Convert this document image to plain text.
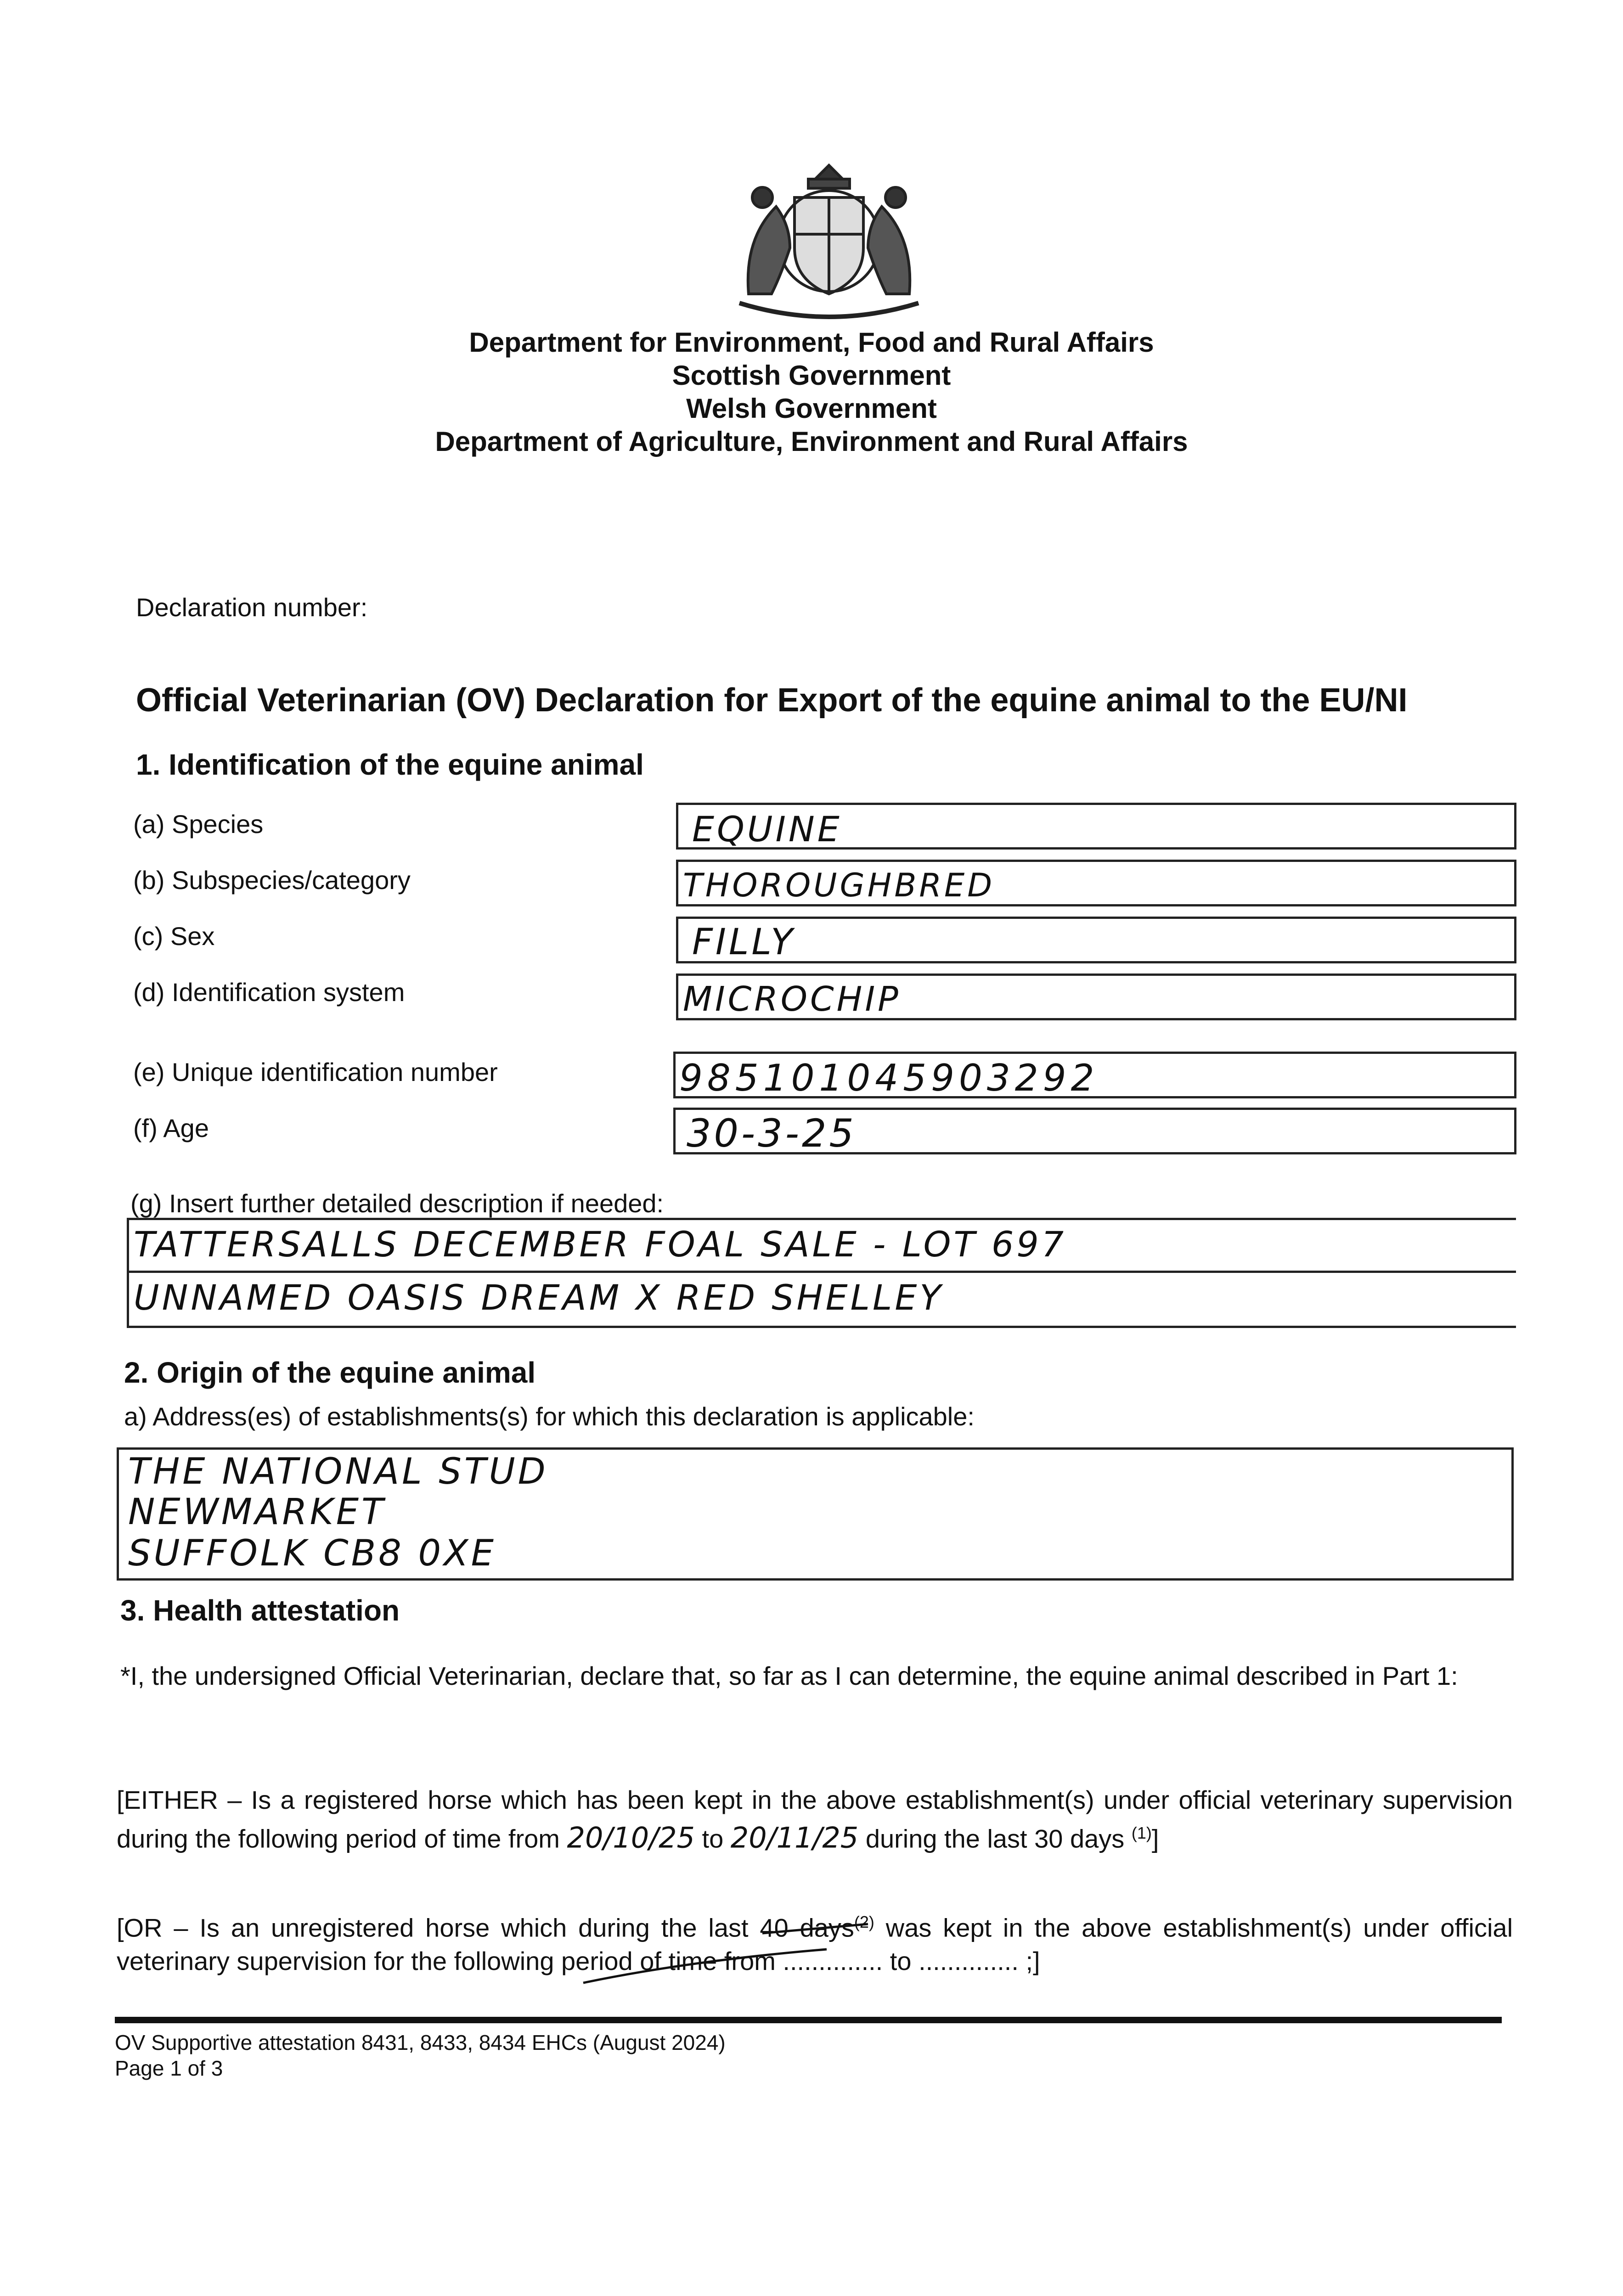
Department for Environment, Food and Rural Affairs
Scottish Government
Welsh Government
Department of Agriculture, Environment and Rural Affairs
Declaration number:
Official Veterinarian (OV) Declaration for Export of the equine animal to the EU/NI
1. Identification of the equine animal
(a) Species	EQUINE
(b) Subspecies/category	THOROUGHBRED
(c) Sex	FILLY
(d) Identification system	MICROCHIP
(e) Unique identification number	985101045903292
(f) Age	30-3-25
(g) Insert further detailed description if needed:
TATTERSALLS DECEMBER FOAL SALE - LOT 697
UNNAMED OASIS DREAM X RED SHELLEY
2. Origin of the equine animal
a) Address(es) of establishments(s) for which this declaration is applicable:
THE NATIONAL STUD
NEWMARKET
SUFFOLK CB8 0XE
3. Health attestation
*I, the undersigned Official Veterinarian, declare that, so far as I can determine, the equine animal described in Part 1:
[EITHER – Is a registered horse which has been kept in the above establishment(s) under official veterinary supervision during the following period of time from 20/10/25 to 20/11/25 during the last 30 days $^{(1)}$]
[OR – Is an unregistered horse which during the last 40 days$^{(2)}$ was kept in the above establishment(s) under official veterinary supervision for the following period of time from .............. to .............. ;]
OV Supportive attestation 8431, 8433, 8434 EHCs (August 2024)
Page 1 of 3
